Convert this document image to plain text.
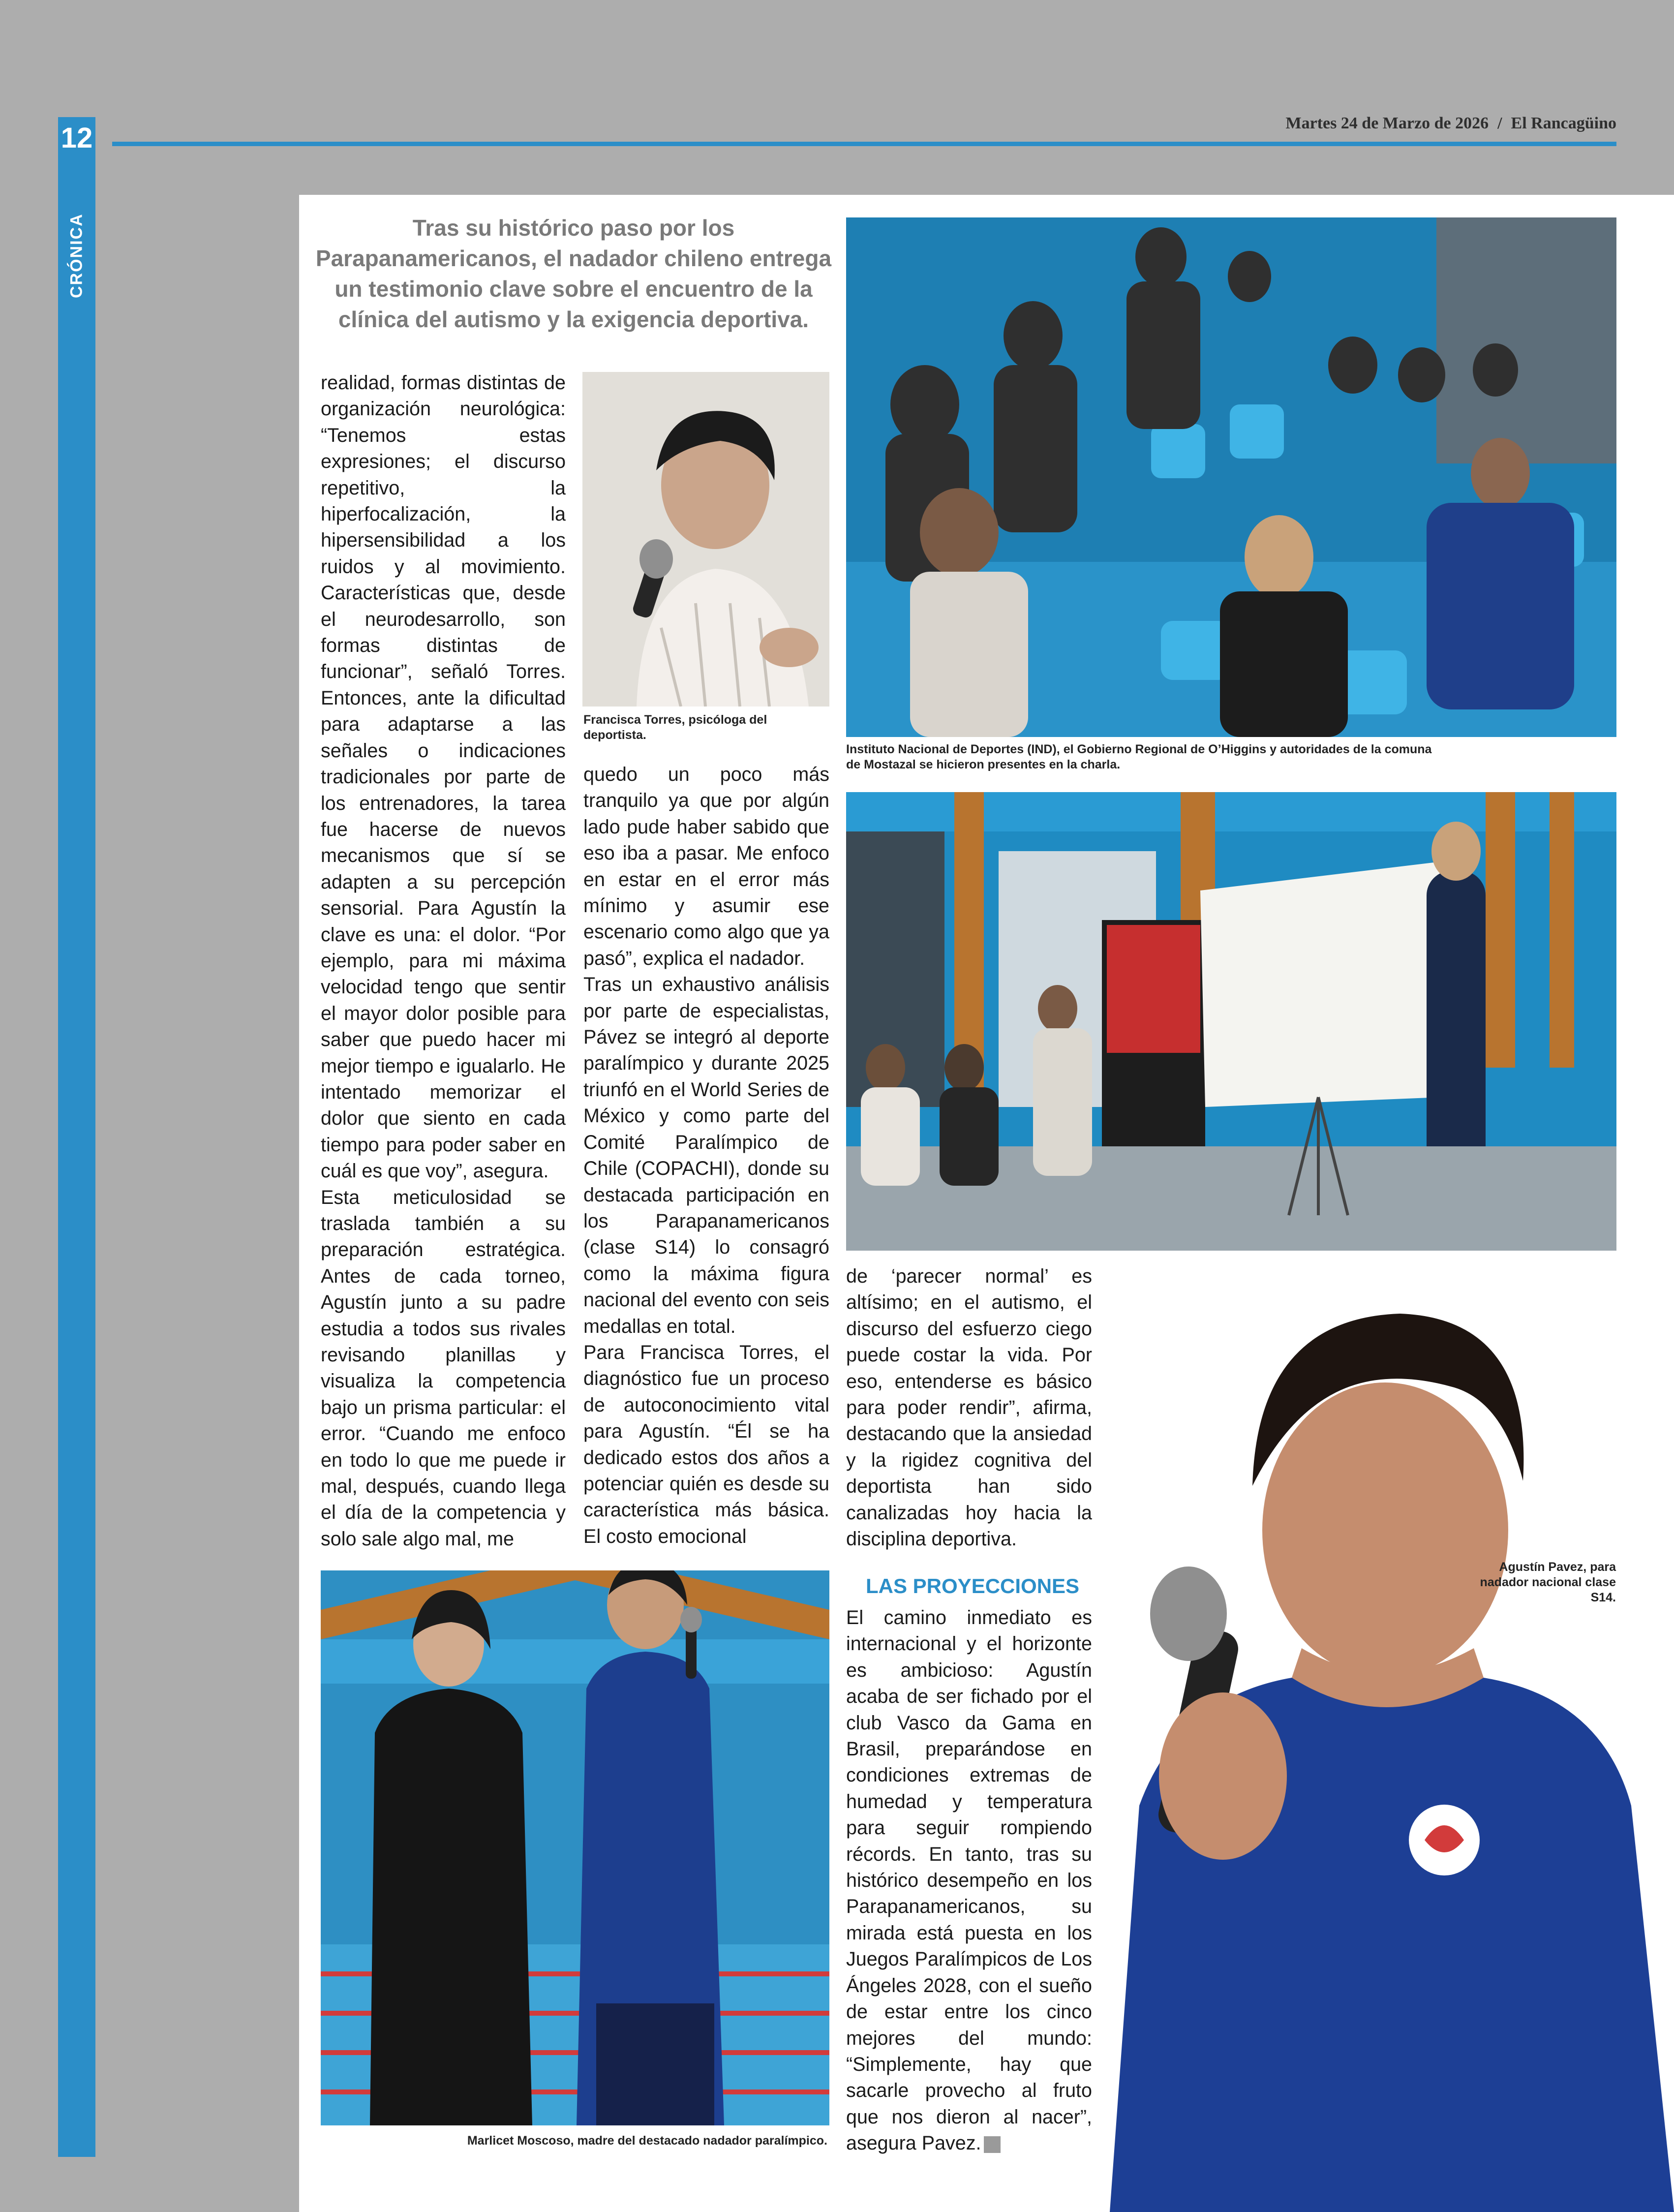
12
CRÓNICA
Martes 24 de Marzo de 2026 / El Rancagüino
Tras su histórico paso por los Parapanamericanos, el nadador chileno entrega un testimonio clave sobre el encuentro de la clínica del autismo y la exigencia deportiva.
Francisca Torres, psicóloga del deportista.
Instituto Nacional de Deportes (IND), el Gobierno Regional de O’Higgins y autoridades de la comuna de Mostazal se hicieron presentes en la charla.
Marlicet Moscoso, madre del destacado nadador paralímpico.
Agustín Pavez, para nadador nacional clase S14.

realidad, formas distintas de organización neurológica: “Tenemos estas expresiones; el discurso repetitivo, la hiperfocalización, la hipersensibilidad a los ruidos y al movimiento. Características que, desde el neurodesarrollo, son formas distintas de funcionar”, señaló Torres. Entonces, ante la dificultad para adaptarse a las señales o indicaciones tradicionales por parte de los entrenadores, la tarea fue hacerse de nuevos mecanismos que sí se adapten a su percepción sensorial. Para Agustín la clave es una: el dolor. “Por ejemplo, para mi máxima velocidad tengo que sentir el mayor dolor posible para saber que puedo hacer mi mejor tiempo e igualarlo. He intentado memorizar el dolor que siento en cada tiempo para poder saber en cuál es que voy”, asegura.

Esta meticulosidad se traslada también a su preparación estratégica. Antes de cada torneo, Agustín junto a su padre estudia a todos sus rivales revisando planillas y visualiza la competencia bajo un prisma particular: el error. “Cuando me enfoco en todo lo que me puede ir mal, después, cuando llega el día de la competencia y solo sale algo mal, me

quedo un poco más tranquilo ya que por algún lado pude haber sabido que eso iba a pasar. Me enfoco en estar en el error más mínimo y asumir ese escenario como algo que ya pasó”, explica el nadador.

Tras un exhaustivo análisis por parte de especialistas, Pávez se integró al deporte paralímpico y durante 2025 triunfó en el World Series de México y como parte del Comité Paralímpico de Chile (COPACHI), donde su destacada participación en los Parapanamericanos (clase S14) lo consagró como la máxima figura nacional del evento con seis medallas en total.

Para Francisca Torres, el diagnóstico fue un proceso de autoconocimiento vital para Agustín. “Él se ha dedicado estos dos años a potenciar quién es desde su característica más básica. El costo emocional

de ‘parecer normal’ es altísimo; en el autismo, el discurso del esfuerzo ciego puede costar la vida. Por eso, entenderse es básico para poder rendir”, afirma, destacando que la ansiedad y la rigidez cognitiva del deportista han sido canalizadas hoy hacia la disciplina deportiva.

LAS PROYECCIONES

El camino inmediato es internacional y el horizonte es ambicioso: Agustín acaba de ser fichado por el club Vasco da Gama en Brasil, preparándose en condiciones extremas de humedad y temperatura para seguir rompiendo récords. En tanto, tras su histórico desempeño en los Parapanamericanos, su mirada está puesta en los Juegos Paralímpicos de Los Ángeles 2028, con el sueño de estar entre los cinco mejores del mundo: “Simplemente, hay que sacarle provecho al fruto que nos dieron al nacer”, asegura Pavez.
